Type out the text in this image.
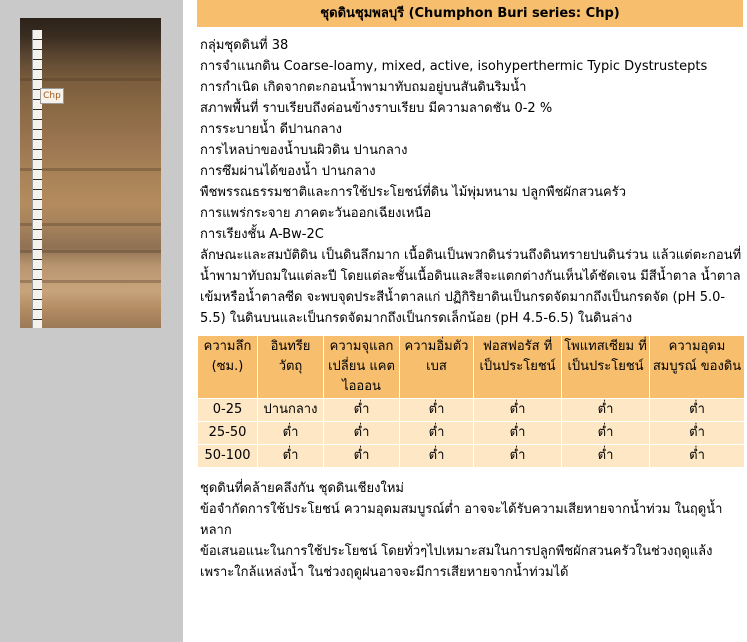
Chp
ชุดดินชุมพลบุรี (Chumphon Buri series: Chp)
กลุ่มชุดดินที่ 38
การจำแนกดิน Coarse-loamy, mixed, active, isohyperthermic Typic Dystrustepts
การกำเนิด เกิดจากตะกอนน้ำพามาทับถมอยู่บนสันดินริมน้ำ
สภาพพื้นที่ ราบเรียบถึงค่อนข้างราบเรียบ มีความลาดชัน 0-2 %
การระบายน้ำ ดีปานกลาง
การไหลบ่าของน้ำบนผิวดิน ปานกลาง
การซึมผ่านได้ของน้ำ ปานกลาง
พืชพรรณธรรมชาติและการใช้ประโยชน์ที่ดิน ไม้พุ่มหนาม ปลูกพืชผักสวนครัว
การแพร่กระจาย ภาคตะวันออกเฉียงเหนือ
การเรียงชั้น A-Bw-2C
ลักษณะและสมบัติดิน เป็นดินลึกมาก เนื้อดินเป็นพวกดินร่วนถึงดินทรายปนดินร่วน แล้วแต่ตะกอนที่น้ำพามาทับถมในแต่ละปี โดยแต่ละชั้นเนื้อดินและสีจะแตกต่างกันเห็นได้ชัดเจน มีสีน้ำตาล น้ำตาลเข้มหรือน้ำตาลซีด จะพบจุดประสีน้ำตาลแก่ ปฏิกิริยาดินเป็นกรดจัดมากถึงเป็นกรดจัด (pH 5.0-5.5) ในดินบนและเป็นกรดจัดมากถึงเป็นกรดเล็กน้อย (pH 4.5-6.5) ในดินล่าง
ความลึก (ซม.)	อินทรีย วัตถุ	ความจุแลกเปลี่ยน แคตไอออน	ความอิ่มตัว เบส	ฟอสฟอรัส ที่เป็นประโยชน์	โพแทสเซียม ที่เป็นประโยชน์	ความอุดม สมบูรณ์ ของดิน
0-25	ปานกลาง	ต่ำ	ต่ำ	ต่ำ	ต่ำ	ต่ำ
25-50	ต่ำ	ต่ำ	ต่ำ	ต่ำ	ต่ำ	ต่ำ
50-100	ต่ำ	ต่ำ	ต่ำ	ต่ำ	ต่ำ	ต่ำ
ชุดดินที่คล้ายคลึงกัน ชุดดินเชียงใหม่
ข้อจำกัดการใช้ประโยชน์ ความอุดมสมบูรณ์ต่ำ อาจจะได้รับความเสียหายจากน้ำท่วม ในฤดูน้ำหลาก
ข้อเสนอแนะในการใช้ประโยชน์ โดยทั่วๆไปเหมาะสมในการปลูกพืชผักสวนครัวในช่วงฤดูแล้ง เพราะใกล้แหล่งน้ำ ในช่วงฤดูฝนอาจจะมีการเสียหายจากน้ำท่วมได้
